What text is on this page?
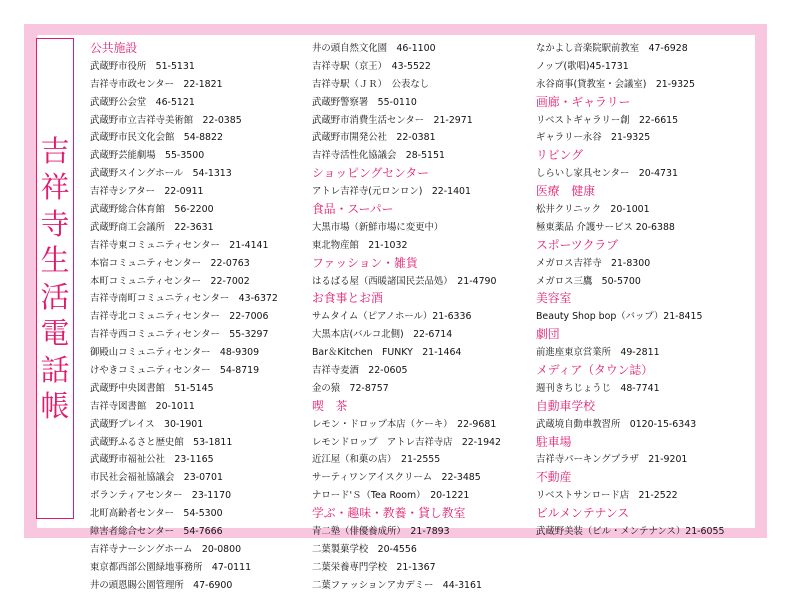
吉
祥
寺
生
活
電
話
帳
公共施設
武蔵野市役所　51-5131
吉祥寺市政センター　22-1821
武蔵野公会堂　46-5121
武蔵野市立吉祥寺美術館　22-0385
武蔵野市民文化会館　54-8822
武蔵野芸能劇場　55-3500
武蔵野スイングホール　54-1313
吉祥寺シアター　22-0911
武蔵野総合体育館　56-2200
武蔵野商工会議所　22-3631
吉祥寺東コミュニティセンター　21-4141
本宿コミュニティセンター　22-0763
本町コミュニティセンター　22-7002
吉祥寺南町コミュニティセンター　43-6372
吉祥寺北コミュニティセンター　22-7006
吉祥寺西コミュニティセンター　55-3297
御殿山コミュニティセンター　48-9309
けやきコミュニティセンター　54-8719
武蔵野中央図書館　51-5145
吉祥寺図書館　20-1011
武蔵野プレイス　30-1901
武蔵野ふるさと歴史館　53-1811
武蔵野市福祉公社　23-1165
市民社会福祉協議会　23-0701
ボランティアセンター　23-1170
北町高齢者センター　54-5300
障害者総合センター　54-7666
吉祥寺ナーシングホーム　20-0800
東京都西部公園緑地事務所　47-0111
井の頭恩賜公園管理所　47-6900
井の頭自然文化園　46-1100
吉祥寺駅（京王）　43-5522
吉祥寺駅（ＪＲ）　公表なし
武蔵野警察署　55-0110
武蔵野市消費生活センター　21-2971
武蔵野市開発公社　22-0381
吉祥寺活性化協議会　28-5151
ショッピングセンター
アトレ吉祥寺(元ロンロン)　22-1401
食品・スーパー
大黒市場（新鮮市場に変更中）
東北物産館　21-1032
ファッション・雑貨
はるばる屋（西暖諸国民芸品処）　21-4790
お食事とお酒
サムタイム（ピアノホール）21-6336
大黒本店(バルコ北側)　22-6714
Bar＆Kitchen　FUNKY　21-1464
吉祥寺麦酒　22-0605
金の猿　72-8757
喫　茶
レモン・ドロップ本店（ケーキ）　22-9681
レモンドロップ　アトレ吉祥寺店　22-1942
近江屋（和菓の店）　21-2555
サーティワンアイスクリーム　22-3485
ナロード'Ｓ（Tea Room）　20-1221
学ぶ・趣味・教養・貸し教室
青二塾（俳優養成所）　21-7893
二葉製菓学校　20-4556
二葉栄養専門学校　21-1367
二葉ファッションアカデミー　44-3161
なかよし音楽院駅前教室　47-6928
ノップ(歌唱)45-1731
永谷商事(貸教室・会議室)　21-9325
画廊・ギャラリー
リベストギャラリー創　22-6615
ギャラリー永谷　21-9325
リビング
しらいし家具センター　20-4731
医療　健康
松井クリニック　20-1001
極東薬品 介護サービス 20-6388
スポーツクラブ
メガロス吉祥寺　21-8300
メガロス三鷹　50-5700
美容室
Beauty Shop bop（バップ）21-8415
劇団
前進座東京営業所　49-2811
メディア（タウン誌）
週刊きちじょうじ　48-7741
自動車学校
武蔵境自動車教習所　0120-15-6343
駐車場
吉祥寺パーキングプラザ　21-9201
不動産
リベストサンロード店　21-2522
ビルメンテナンス
武蔵野美装（ビル・メンテナンス）21-6055
